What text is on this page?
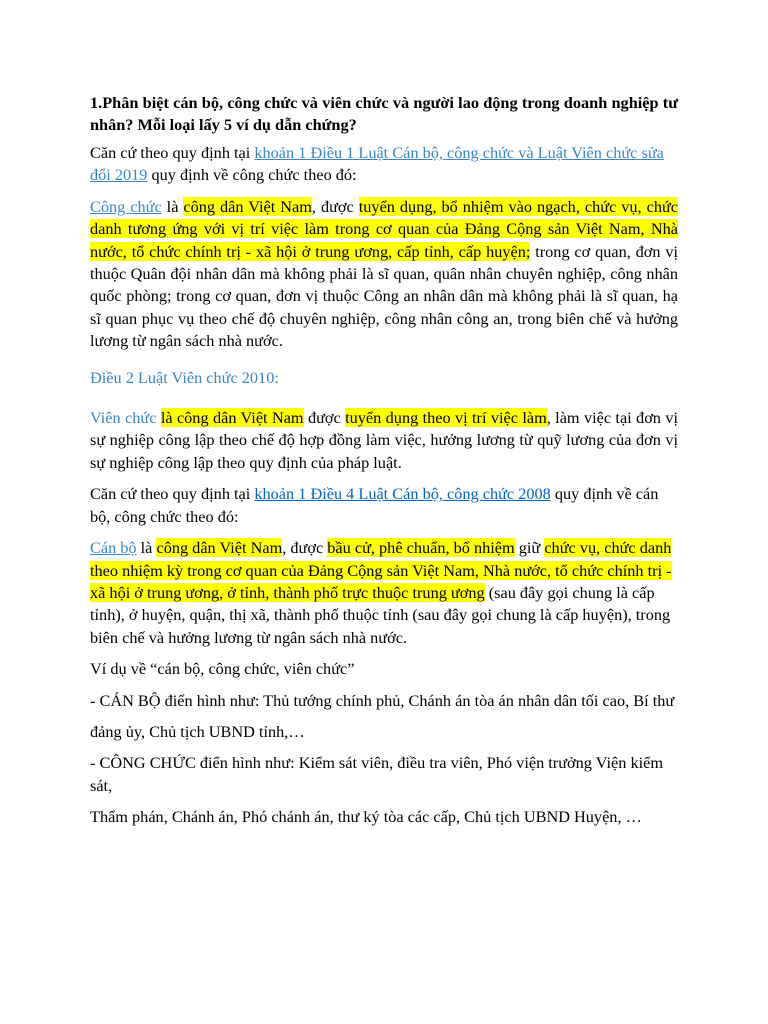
1.Phân biệt cán bộ, công chức và viên chức và người lao động trong doanh nghiệp tư nhân? Mỗi loại lấy 5 ví dụ dẫn chứng?

Căn cứ theo quy định tại khoản 1 Điều 1 Luật Cán bộ, công chức và Luật Viên chức sửa đổi 2019 quy định về công chức theo đó:

Công chức là công dân Việt Nam, được tuyển dụng, bổ nhiệm vào ngạch, chức vụ, chức danh tương ứng với vị trí việc làm trong cơ quan của Đảng Cộng sản Việt Nam, Nhà nước, tổ chức chính trị - xã hội ở trung ương, cấp tỉnh, cấp huyện; trong cơ quan, đơn vị thuộc Quân đội nhân dân mà không phải là sĩ quan, quân nhân chuyên nghiệp, công nhân quốc phòng; trong cơ quan, đơn vị thuộc Công an nhân dân mà không phải là sĩ quan, hạ sĩ quan phục vụ theo chế độ chuyên nghiệp, công nhân công an, trong biên chế và hưởng lương từ ngân sách nhà nước.

Điều 2 Luật Viên chức 2010:

Viên chức là công dân Việt Nam được tuyển dụng theo vị trí việc làm, làm việc tại đơn vị sự nghiệp công lập theo chế độ hợp đồng làm việc, hưởng lương từ quỹ lương của đơn vị sự nghiệp công lập theo quy định của pháp luật.

Căn cứ theo quy định tại khoản 1 Điều 4 Luật Cán bộ, công chức 2008 quy định về cán bộ, công chức theo đó:

Cán bộ là công dân Việt Nam, được bầu cử, phê chuẩn, bổ nhiệm giữ chức vụ, chức danh theo nhiệm kỳ trong cơ quan của Đảng Cộng sản Việt Nam, Nhà nước, tổ chức chính trị - xã hội ở trung ương, ở tỉnh, thành phố trực thuộc trung ương (sau đây gọi chung là cấp tỉnh), ở huyện, quận, thị xã, thành phố thuộc tỉnh (sau đây gọi chung là cấp huyện), trong biên chế và hưởng lương từ ngân sách nhà nước.

Ví dụ về “cán bộ, công chức, viên chức”

- CÁN BỘ điển hình như: Thủ tướng chính phủ, Chánh án tòa án nhân dân tối cao, Bí thư

đảng ủy, Chủ tịch UBND tỉnh,…

- CÔNG CHỨC điển hình như: Kiểm sát viên, điều tra viên, Phó viện trưởng Viện kiểm sát,

Thẩm phán, Chánh án, Phó chánh án, thư ký tòa các cấp, Chủ tịch UBND Huyện, …
